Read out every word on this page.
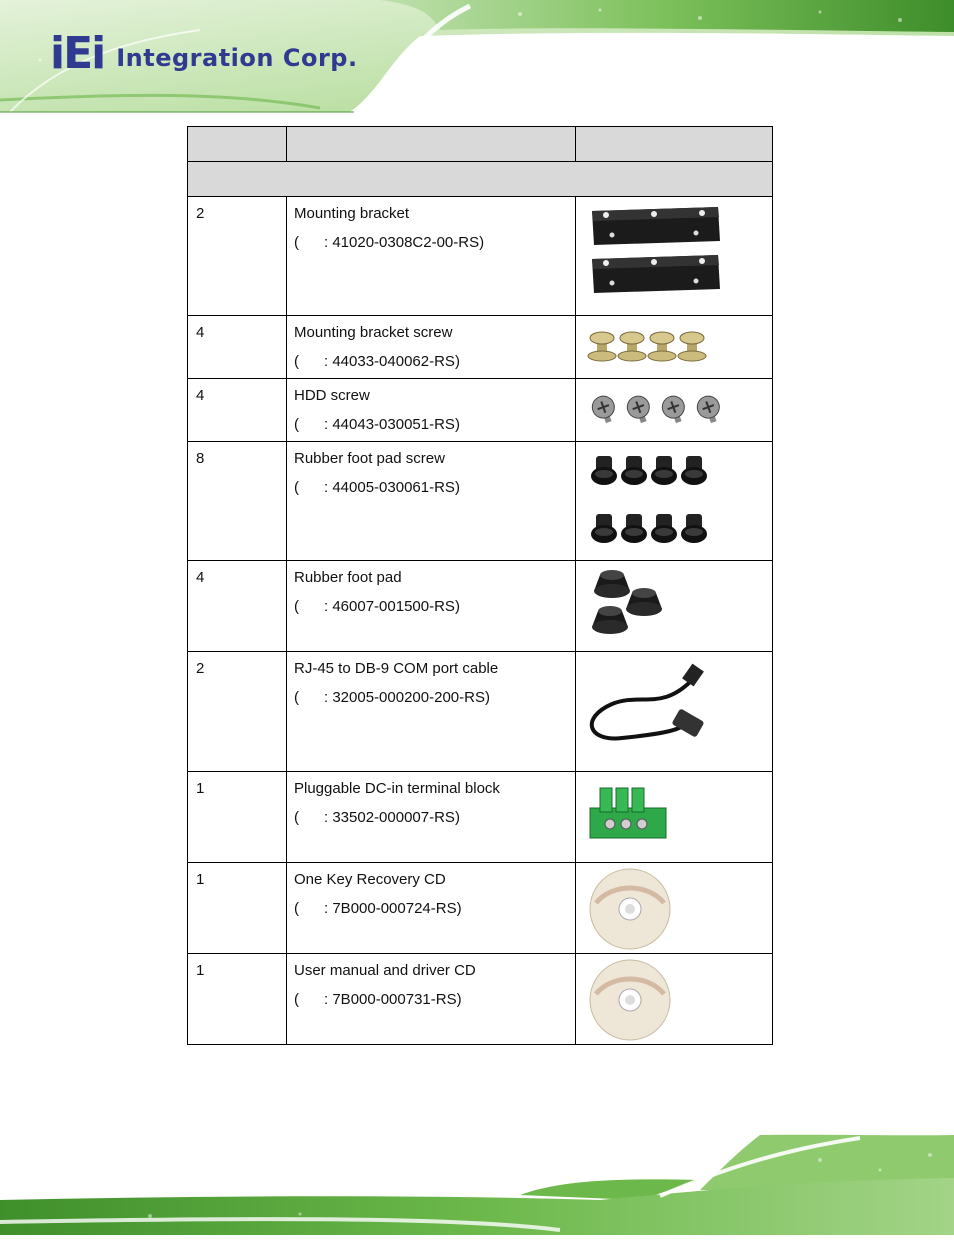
iEi Integration Corp.

2	Mounting bracket
(      : 41020-0308C2-00-RS)

4	Mounting bracket screw
(      : 44033-040062-RS)

4	HDD screw
(      : 44043-030051-RS)

8	Rubber foot pad screw
(      : 44005-030061-RS)

4	Rubber foot pad
(      : 46007-001500-RS)

2	RJ-45 to DB-9 COM port cable
(      : 32005-000200-200-RS)

1	Pluggable DC-in terminal block
(      : 33502-000007-RS)

1	One Key Recovery CD
(      : 7B000-000724-RS)

1	User manual and driver CD
(      : 7B000-000731-RS)
